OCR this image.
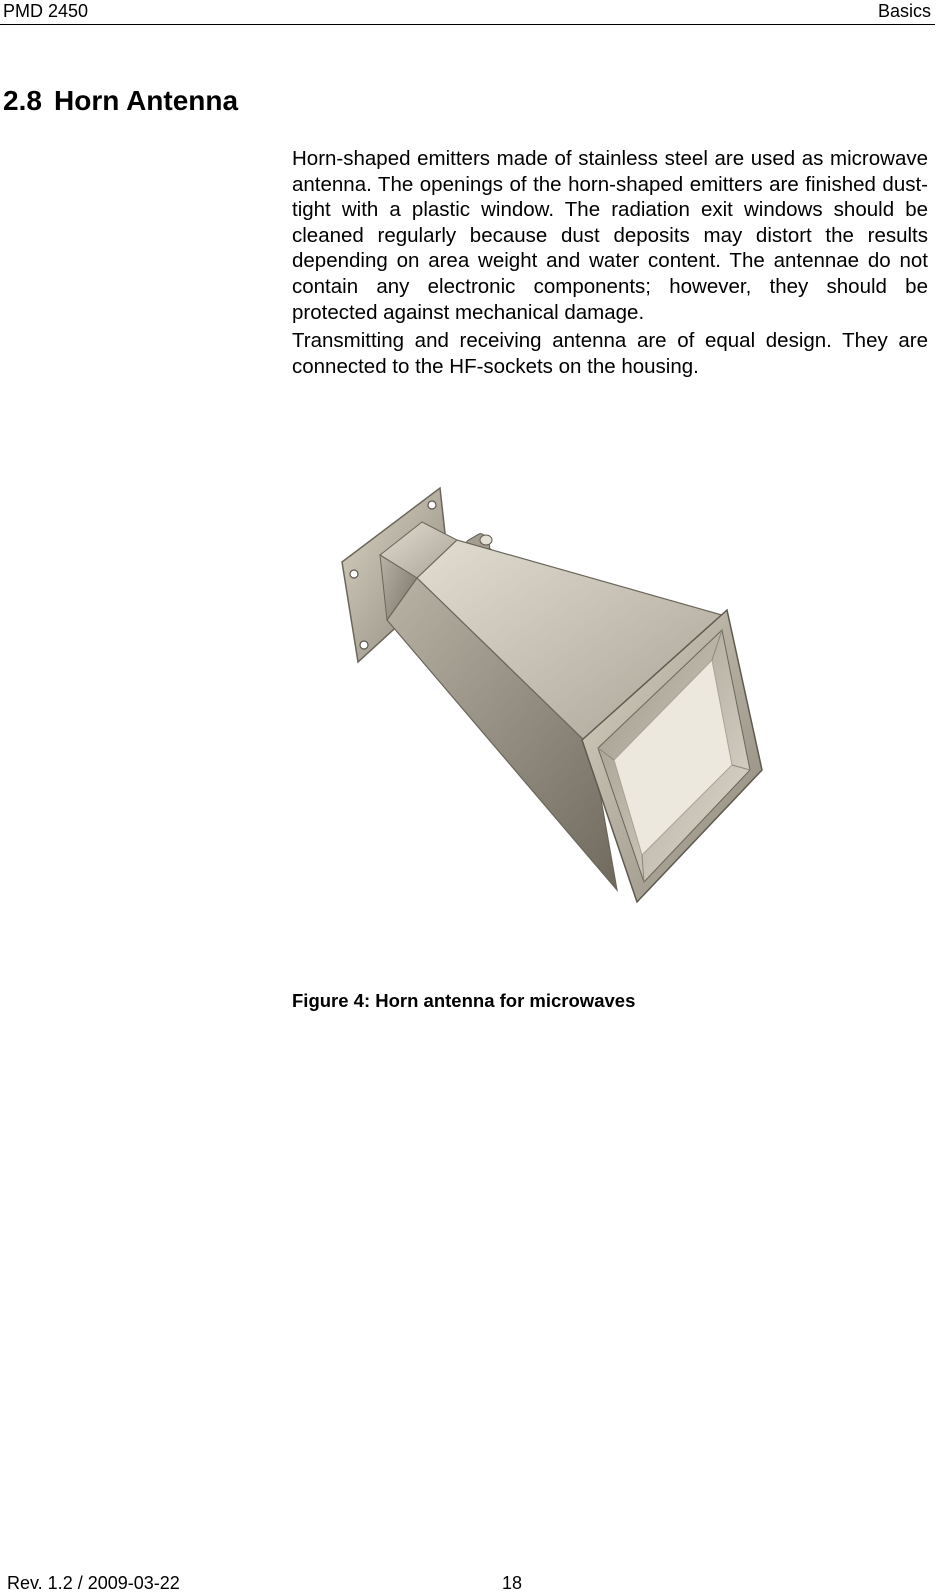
PMD 2450	Basics
2.8 Horn Antenna

Horn-shaped emitters made of stainless steel are used as microwave antenna. The openings of the horn-shaped emitters are finished dust-tight with a plastic window. The radiation exit windows should be cleaned regularly because dust deposits may distort the results depending on area weight and water content. The antennae do not contain any electronic components; however, they should be protected against mechanical damage.

Transmitting and receiving antenna are of equal design. They are connected to the HF-sockets on the housing.

Figure 4: Horn antenna for microwaves
Rev. 1.2 / 2009-03-22	18
